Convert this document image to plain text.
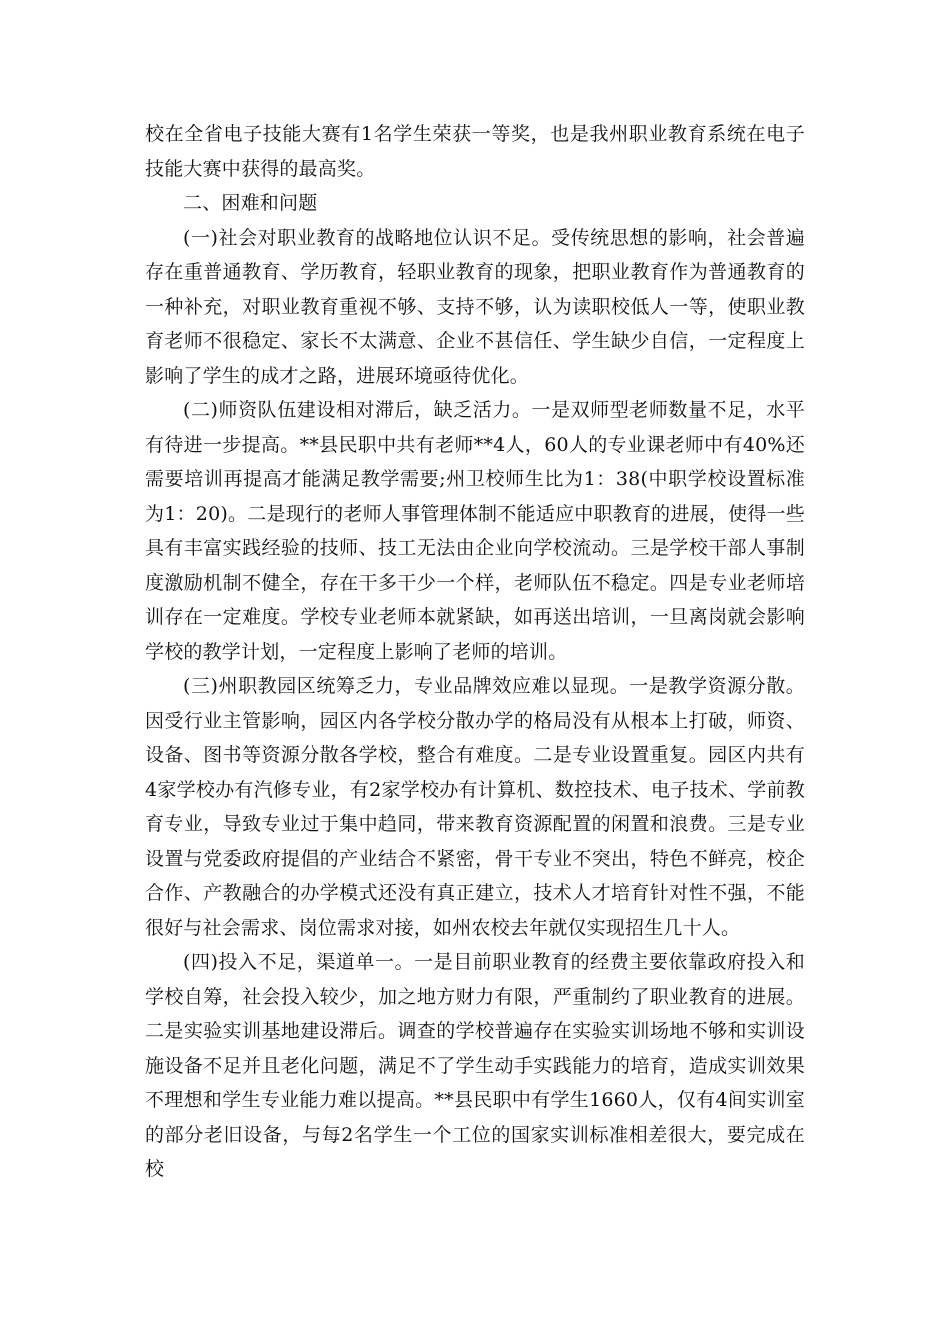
校在全省电子技能大赛有1名学生荣获一等奖，也是我州职业教育系统在电子技能大赛中获得的最高奖。

二、困难和问题

(一)社会对职业教育的战略地位认识不足。受传统思想的影响，社会普遍存在重普通教育、学历教育，轻职业教育的现象，把职业教育作为普通教育的一种补充，对职业教育重视不够、支持不够，认为读职校低人一等，使职业教育老师不很稳定、家长不太满意、企业不甚信任、学生缺少自信，一定程度上影响了学生的成才之路，进展环境亟待优化。

(二)师资队伍建设相对滞后，缺乏活力。一是双师型老师数量不足，水平有待进一步提高。**县民职中共有老师**4人，60人的专业课老师中有40%还需要培训再提高才能满足教学需要;州卫校师生比为1：38(中职学校设置标准为1：20)。二是现行的老师人事管理体制不能适应中职教育的进展，使得一些具有丰富实践经验的技师、技工无法由企业向学校流动。三是学校干部人事制度激励机制不健全，存在干多干少一个样，老师队伍不稳定。四是专业老师培训存在一定难度。学校专业老师本就紧缺，如再送出培训，一旦离岗就会影响学校的教学计划，一定程度上影响了老师的培训。

(三)州职教园区统筹乏力，专业品牌效应难以显现。一是教学资源分散。因受行业主管影响，园区内各学校分散办学的格局没有从根本上打破，师资、设备、图书等资源分散各学校，整合有难度。二是专业设置重复。园区内共有4家学校办有汽修专业，有2家学校办有计算机、数控技术、电子技术、学前教育专业，导致专业过于集中趋同，带来教育资源配置的闲置和浪费。三是专业设置与党委政府提倡的产业结合不紧密，骨干专业不突出，特色不鲜亮，校企合作、产教融合的办学模式还没有真正建立，技术人才培育针对性不强，不能很好与社会需求、岗位需求对接，如州农校去年就仅实现招生几十人。

(四)投入不足，渠道单一。一是目前职业教育的经费主要依靠政府投入和学校自筹，社会投入较少，加之地方财力有限，严重制约了职业教育的进展。二是实验实训基地建设滞后。调查的学校普遍存在实验实训场地不够和实训设施设备不足并且老化问题，满足不了学生动手实践能力的培育，造成实训效果不理想和学生专业能力难以提高。**县民职中有学生1660人，仅有4间实训室的部分老旧设备，与每2名学生一个工位的国家实训标准相差很大，要完成在校
